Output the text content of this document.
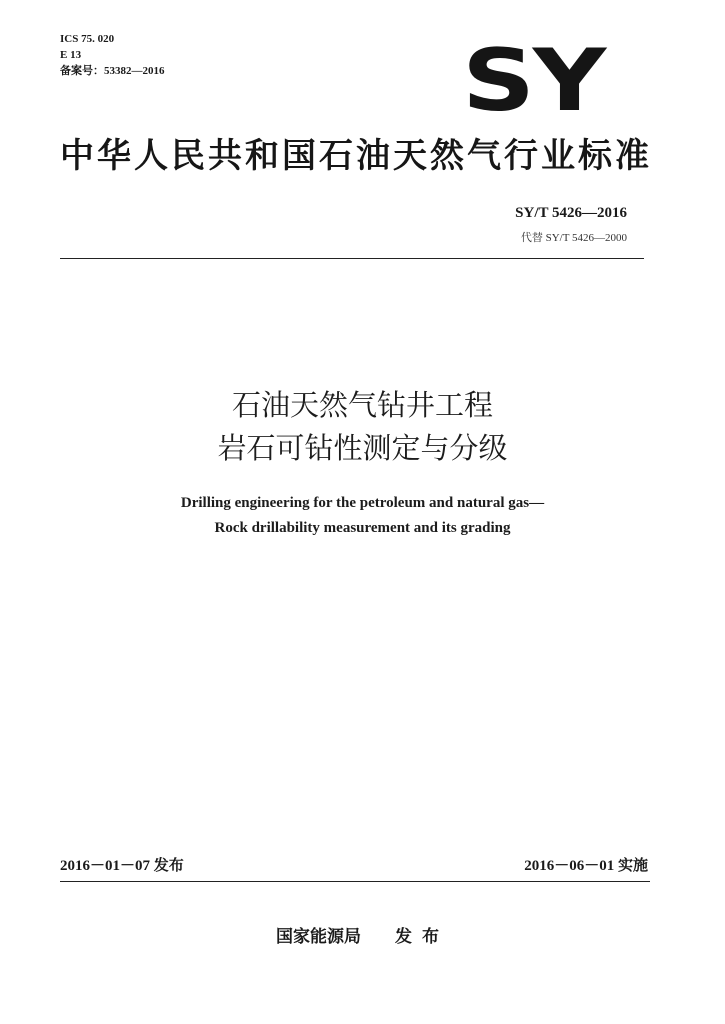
ICS 75. 020
E 13
备案号：53382—2016	SY
中华人民共和国石油天然气行业标准
SY/T 5426—2016
代替 SY/T 5426—2000
石油天然气钻井工程
岩石可钻性测定与分级
Drilling engineering for the petroleum and natural gas—
Rock drillability measurement and its grading
2016－01－07 发布	2016－06－01 实施
国家能源局 发布
